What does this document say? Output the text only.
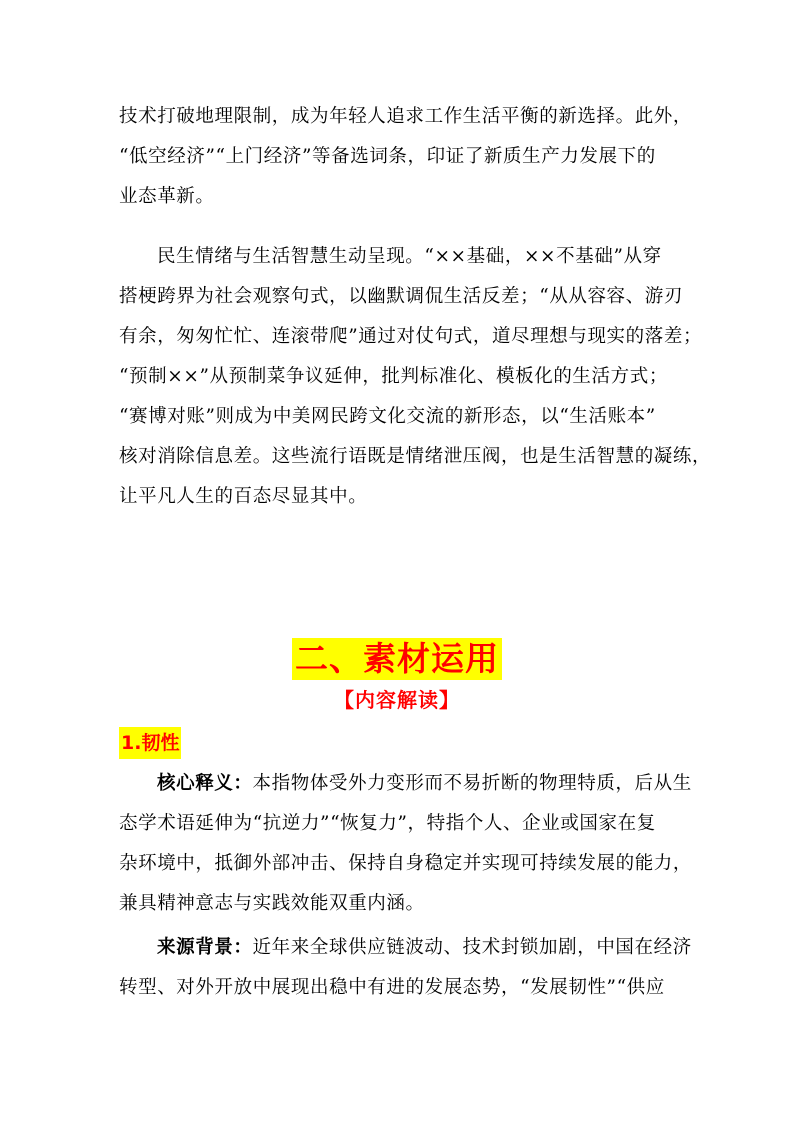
技术打破地理限制，成为年轻人追求工作生活平衡的新选择。此外，
“低空经济”“上门经济”等备选词条，印证了新质生产力发展下的
业态革新。
民生情绪与生活智慧生动呈现。“××基础，××不基础”从穿
搭梗跨界为社会观察句式，以幽默调侃生活反差；“从从容容、游刃
有余，匆匆忙忙、连滚带爬”通过对仗句式，道尽理想与现实的落差；
“预制××”从预制菜争议延伸，批判标准化、模板化的生活方式；
“赛博对账”则成为中美网民跨文化交流的新形态，以“生活账本”
核对消除信息差。这些流行语既是情绪泄压阀，也是生活智慧的凝练，
让平凡人生的百态尽显其中。
二、素材运用
【内容解读】
1.韧性
核心释义：本指物体受外力变形而不易折断的物理特质，后从生
态学术语延伸为“抗逆力”“恢复力”，特指个人、企业或国家在复
杂环境中，抵御外部冲击、保持自身稳定并实现可持续发展的能力，
兼具精神意志与实践效能双重内涵。
来源背景：近年来全球供应链波动、技术封锁加剧，中国在经济
转型、对外开放中展现出稳中有进的发展态势，“发展韧性”“供应
